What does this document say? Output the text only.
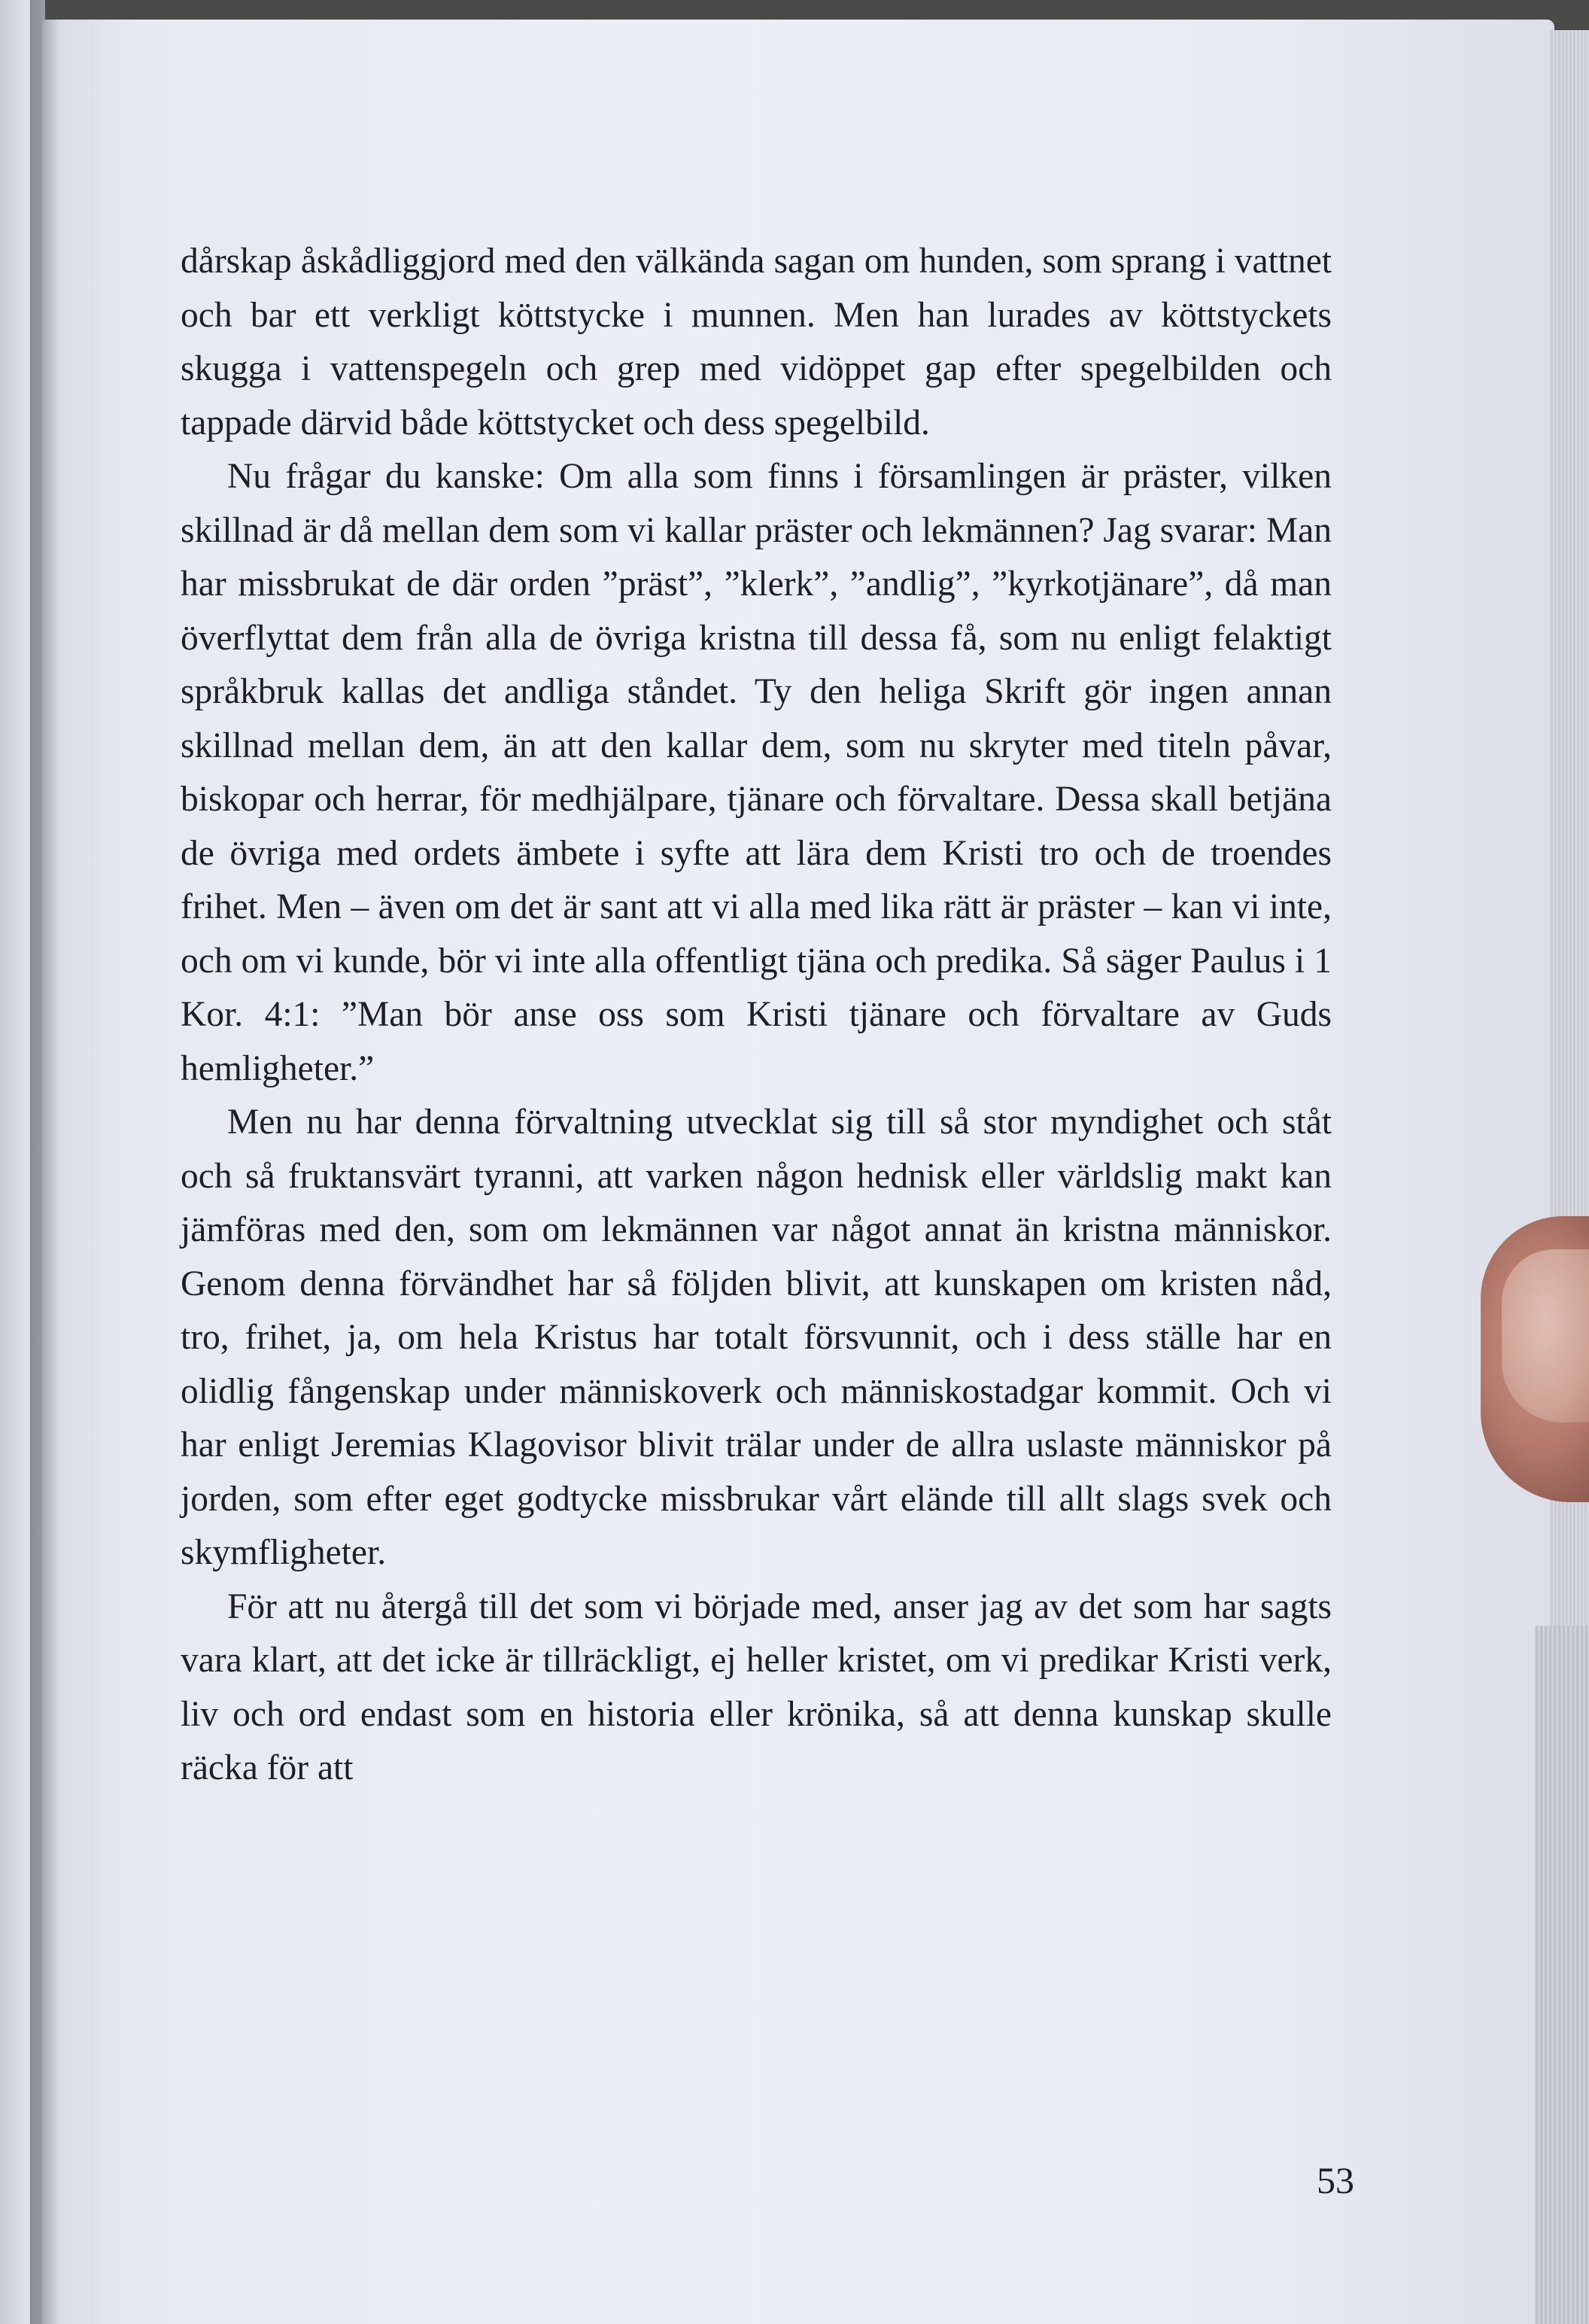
dårskap åskådliggjord med den välkända sagan om hunden, som sprang i vattnet och bar ett verkligt köttstycke i munnen. Men han lurades av köttstyckets skugga i vattenspegeln och grep med vidöppet gap efter spegelbilden och tappade därvid både köttstycket och dess spegelbild.

Nu frågar du kanske: Om alla som finns i församlingen är präster, vilken skillnad är då mellan dem som vi kallar präster och lekmännen? Jag svarar: Man har missbrukat de där orden ”präst”, ”klerk”, ”andlig”, ”kyrkotjänare”, då man överflyttat dem från alla de övriga kristna till dessa få, som nu enligt felaktigt språkbruk kallas det andliga ståndet. Ty den heliga Skrift gör ingen annan skillnad mellan dem, än att den kallar dem, som nu skryter med titeln påvar, biskopar och herrar, för medhjälpare, tjänare och förvaltare. Dessa skall betjäna de övriga med ordets ämbete i syfte att lära dem Kristi tro och de troendes frihet. Men – även om det är sant att vi alla med lika rätt är präster – kan vi inte, och om vi kunde, bör vi inte alla offentligt tjäna och predika. Så säger Paulus i 1 Kor. 4:1: ”Man bör anse oss som Kristi tjänare och förvaltare av Guds hemligheter.”

Men nu har denna förvaltning utvecklat sig till så stor myndighet och ståt och så fruktansvärt tyranni, att varken någon hednisk eller världslig makt kan jämföras med den, som om lekmännen var något annat än kristna människor. Genom denna förvändhet har så följden blivit, att kunskapen om kristen nåd, tro, frihet, ja, om hela Kristus har totalt försvunnit, och i dess ställe har en olidlig fångenskap under människoverk och människostadgar kommit. Och vi har enligt Jeremias Klagovisor blivit trälar under de allra uslaste människor på jorden, som efter eget godtycke missbrukar vårt elände till allt slags svek och skymfligheter.

För att nu återgå till det som vi började med, anser jag av det som har sagts vara klart, att det icke är tillräckligt, ej heller kristet, om vi predikar Kristi verk, liv och ord endast som en historia eller krönika, så att denna kunskap skulle räcka för att

53
